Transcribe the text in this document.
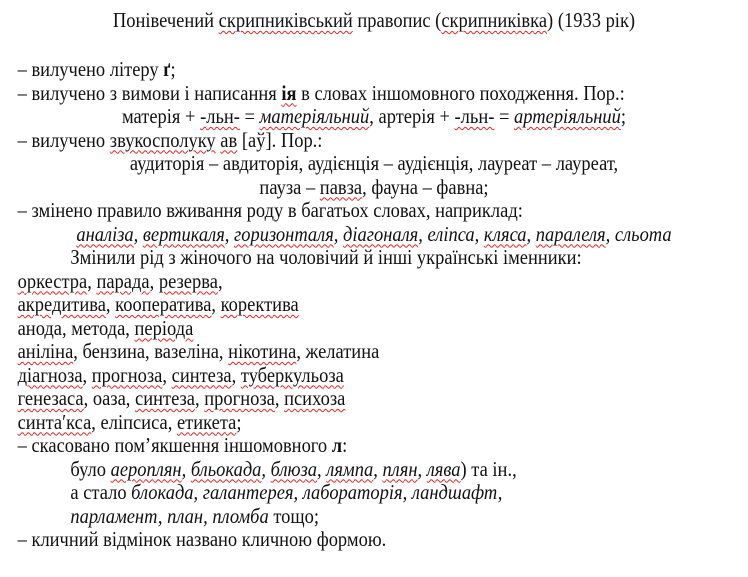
Понівечений скрипниківський правопис (скрипниківка) (1933 рік)
– вилучено літеру ґ;
– вилучено з вимови і написання ія в словах іншомовного походження. Пор.:
матерія + -льн- = матеріяльний, артерія + -льн- = артеріяльний;
– вилучено звукосполуку ав [аў]. Пор.:
аудиторія – авдиторія, аудієнція – аудієнція, лауреат – лауреат,
пауза – павза, фауна – фавна;
– змінено правило вживання роду в багатьох словах, наприклад:
аналіза, вертикаля, горизонталя, діагоналя, еліпса, кляса, паралеля, сльота
Змінили рід з жіночого на чоловічий й інші українські іменники:
оркестра, парада, резерва,
акредитива, кооператива, коректива
анода, метода, періода
аніліна, бензина, вазеліна, нікотина, желатина
діагноза, прогноза, синтеза, туберкульоза
генезаса, оаза, синтеза, прогноза, психоза
синта′кса, еліпсиса, етикета;
– скасовано пом’якшення іншомовного л:
було аероплян, бльокада, блюза, лямпа, плян, лява) та ін.,
а стало блокада, галантерея, лабораторія, ландшафт,
парламент, план, пломба тощо;
– кличний відмінок названо кличною формою.
